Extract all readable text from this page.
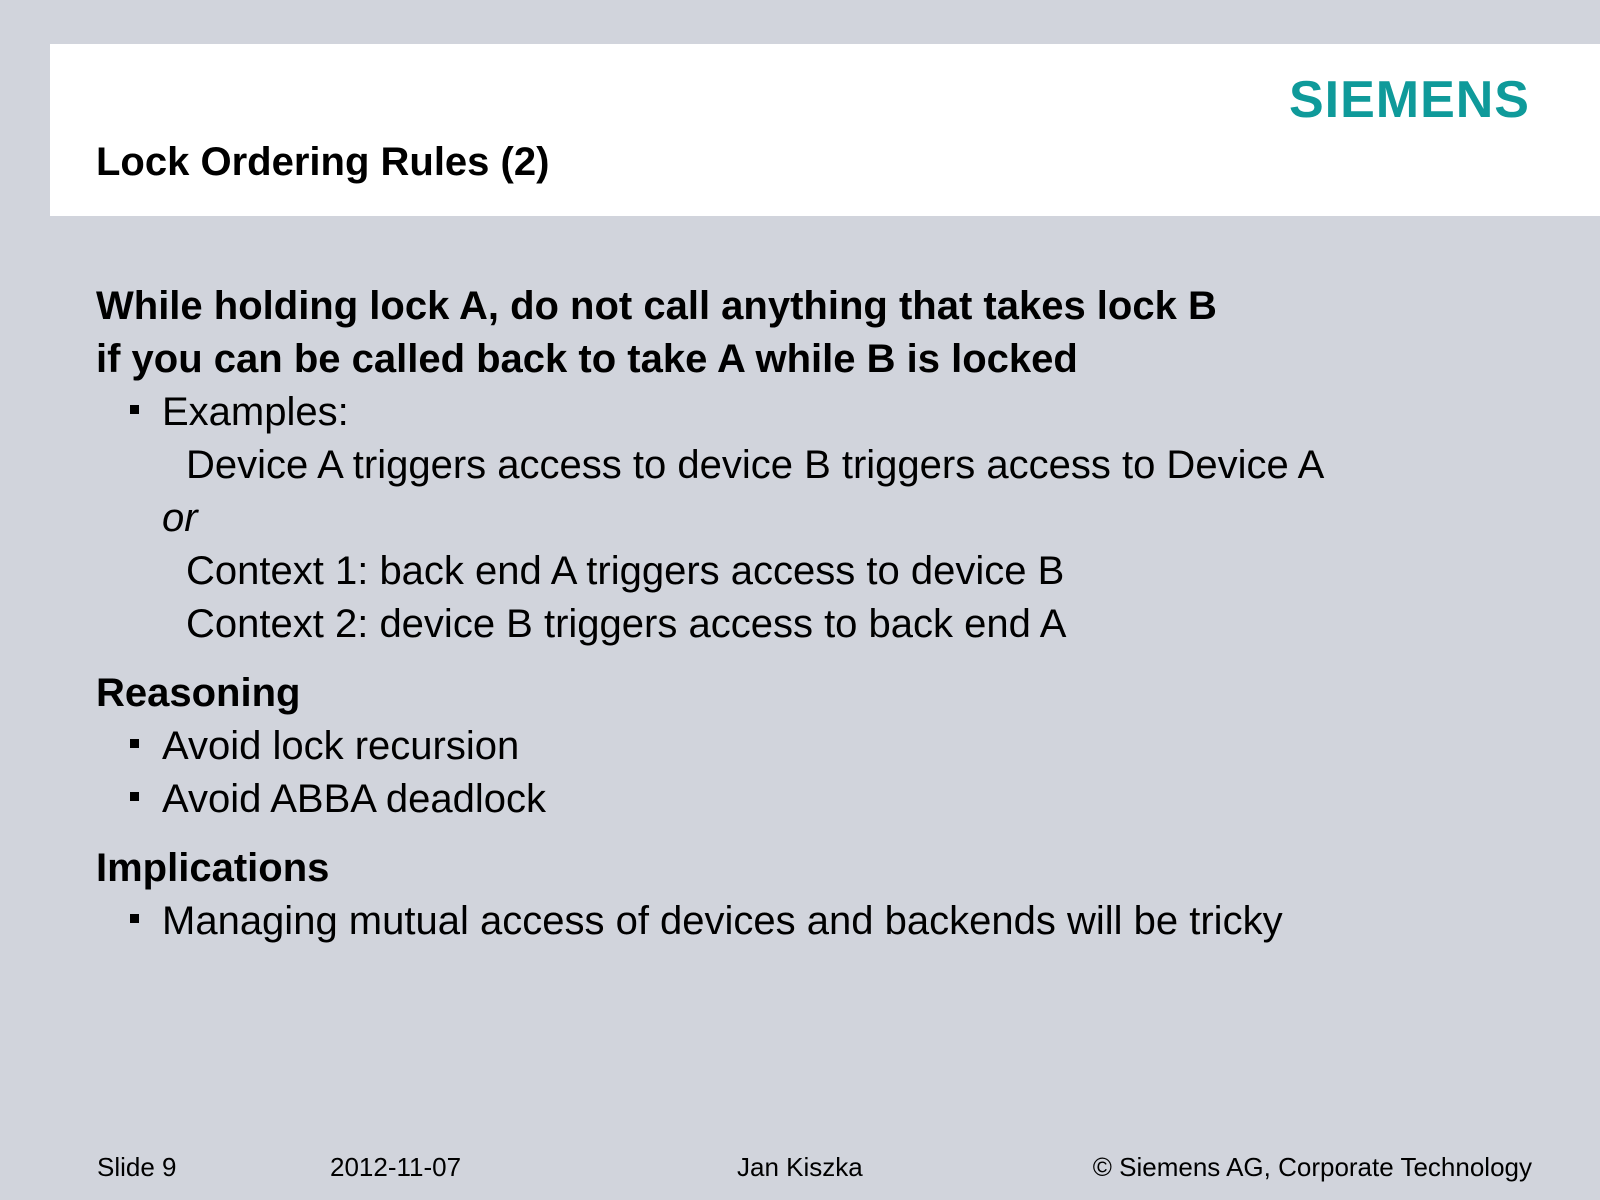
SIEMENS
Lock Ordering Rules (2)

While holding lock A, do not call anything that takes lock B

if you can be called back to take A while B is locked

Examples:
Device A triggers access to device B triggers access to Device A
or
Context 1: back end A triggers access to device B
Context 2: device B triggers access to back end A

Reasoning

Avoid lock recursion
Avoid ABBA deadlock

Implications

Managing mutual access of devices and backends will be tricky
Slide 9	2012-11-07	Jan Kiszka	© Siemens AG, Corporate Technology
